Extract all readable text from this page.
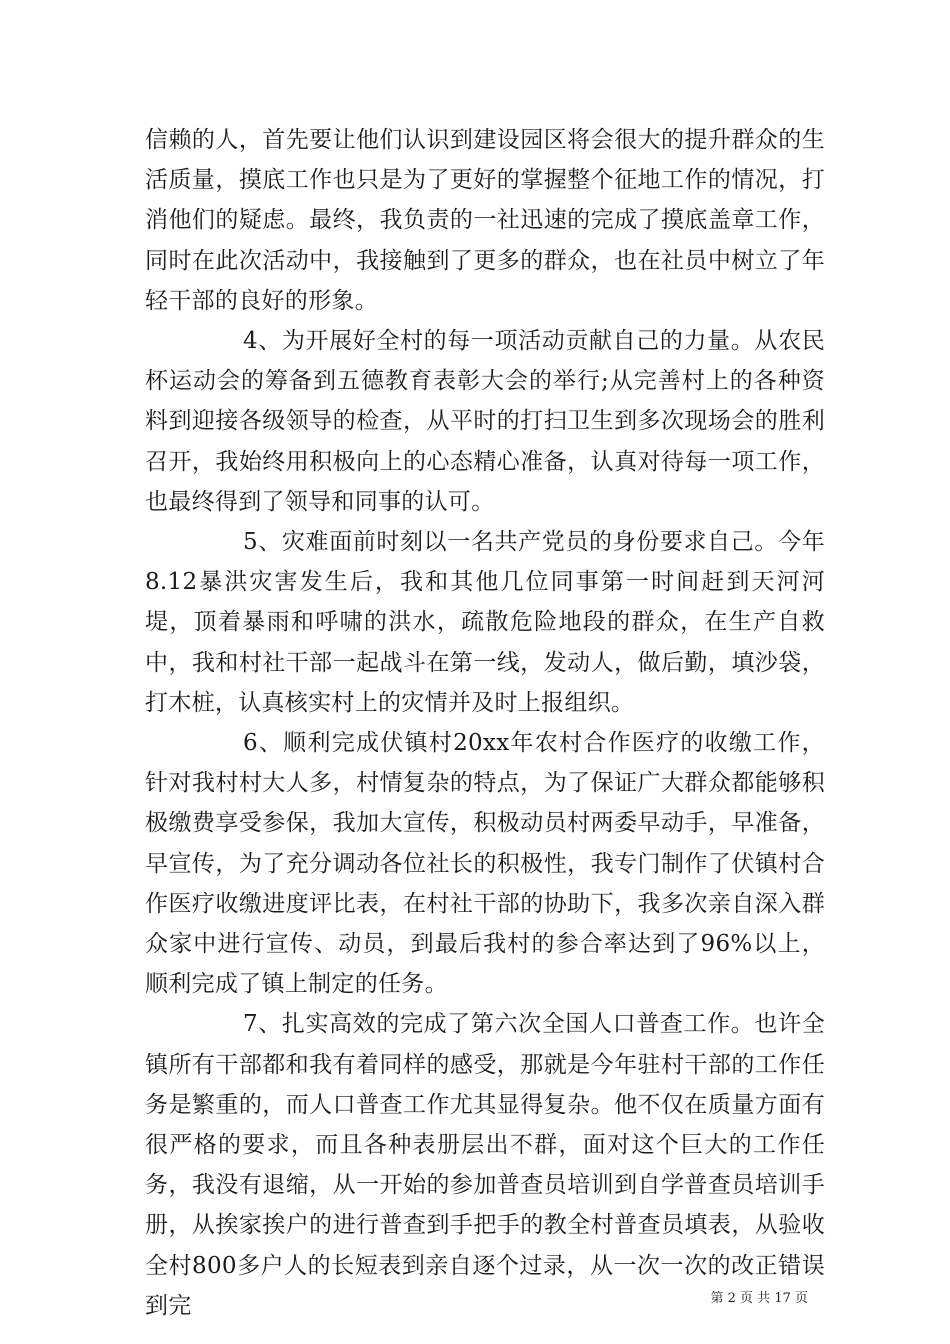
信赖的人，首先要让他们认识到建设园区将会很大的提升群众的生活质量，摸底工作也只是为了更好的掌握整个征地工作的情况，打消他们的疑虑。最终，我负责的一社迅速的完成了摸底盖章工作，同时在此次活动中，我接触到了更多的群众，也在社员中树立了年轻干部的良好的形象。

4、为开展好全村的每一项活动贡献自己的力量。从农民杯运动会的筹备到五德教育表彰大会的举行;从完善村上的各种资料到迎接各级领导的检查，从平时的打扫卫生到多次现场会的胜利召开，我始终用积极向上的心态精心准备，认真对待每一项工作，也最终得到了领导和同事的认可。

5、灾难面前时刻以一名共产党员的身份要求自己。今年8.12暴洪灾害发生后，我和其他几位同事第一时间赶到天河河堤，顶着暴雨和呼啸的洪水，疏散危险地段的群众，在生产自救中，我和村社干部一起战斗在第一线，发动人，做后勤，填沙袋，打木桩，认真核实村上的灾情并及时上报组织。

6、顺利完成伏镇村20xx年农村合作医疗的收缴工作，针对我村村大人多，村情复杂的特点，为了保证广大群众都能够积极缴费享受参保，我加大宣传，积极动员村两委早动手，早准备，早宣传，为了充分调动各位社长的积极性，我专门制作了伏镇村合作医疗收缴进度评比表，在村社干部的协助下，我多次亲自深入群众家中进行宣传、动员，到最后我村的参合率达到了96%以上，顺利完成了镇上制定的任务。

7、扎实高效的完成了第六次全国人口普查工作。也许全镇所有干部都和我有着同样的感受，那就是今年驻村干部的工作任务是繁重的，而人口普查工作尤其显得复杂。他不仅在质量方面有很严格的要求，而且各种表册层出不群，面对这个巨大的工作任务，我没有退缩，从一开始的参加普查员培训到自学普查员培训手册，从挨家挨户的进行普查到手把手的教全村普查员填表，从验收全村800多户人的长短表到亲自逐个过录，从一次一次的改正错误到完	第 2 页 共 17 页
